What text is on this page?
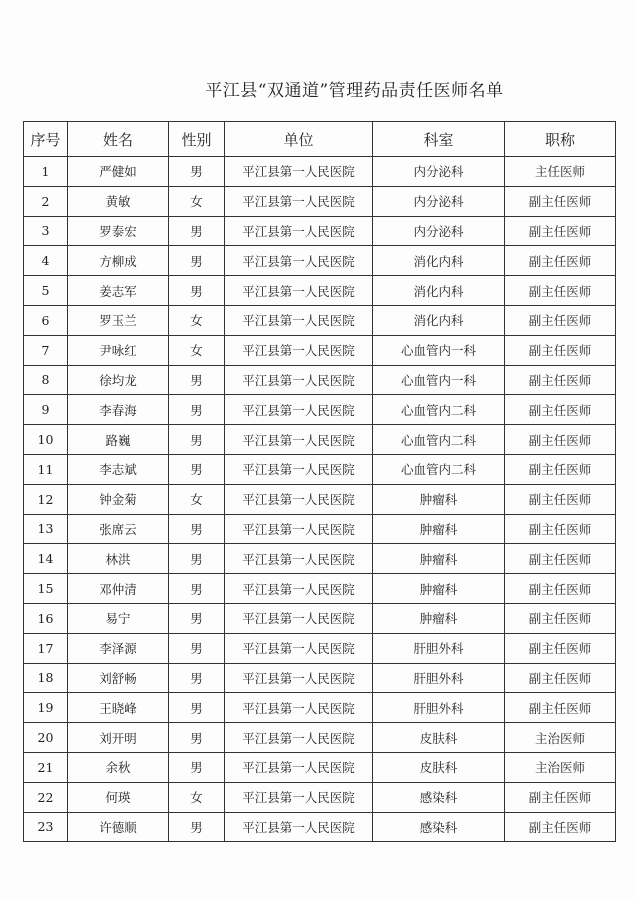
平江县“双通道”管理药品责任医师名单
序号	姓名	性别	单位	科室	职称
1	严健如	男	平江县第一人民医院	内分泌科	主任医师
2	黄敏	女	平江县第一人民医院	内分泌科	副主任医师
3	罗泰宏	男	平江县第一人民医院	内分泌科	副主任医师
4	方柳成	男	平江县第一人民医院	消化内科	副主任医师
5	姜志军	男	平江县第一人民医院	消化内科	副主任医师
6	罗玉兰	女	平江县第一人民医院	消化内科	副主任医师
7	尹咏红	女	平江县第一人民医院	心血管内一科	副主任医师
8	徐均龙	男	平江县第一人民医院	心血管内一科	副主任医师
9	李春海	男	平江县第一人民医院	心血管内二科	副主任医师
10	路巍	男	平江县第一人民医院	心血管内二科	副主任医师
11	李志斌	男	平江县第一人民医院	心血管内二科	副主任医师
12	钟金菊	女	平江县第一人民医院	肿瘤科	副主任医师
13	张席云	男	平江县第一人民医院	肿瘤科	副主任医师
14	林洪	男	平江县第一人民医院	肿瘤科	副主任医师
15	邓仲清	男	平江县第一人民医院	肿瘤科	副主任医师
16	易宁	男	平江县第一人民医院	肿瘤科	副主任医师
17	李泽源	男	平江县第一人民医院	肝胆外科	副主任医师
18	刘舒畅	男	平江县第一人民医院	肝胆外科	副主任医师
19	王晓峰	男	平江县第一人民医院	肝胆外科	副主任医师
20	刘开明	男	平江县第一人民医院	皮肤科	主治医师
21	余秋	男	平江县第一人民医院	皮肤科	主治医师
22	何瑛	女	平江县第一人民医院	感染科	副主任医师
23	许德顺	男	平江县第一人民医院	感染科	副主任医师
